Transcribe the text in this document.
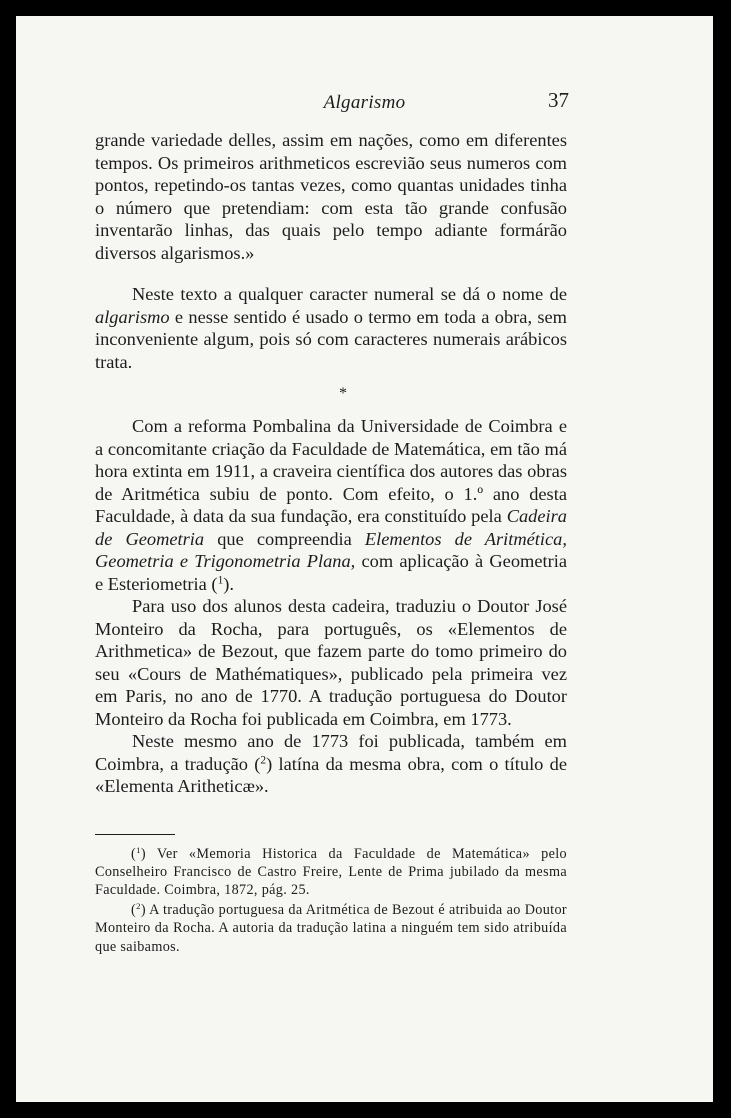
Algarismo	37

grande variedade delles, assim em nações, como em diferentes tempos. Os primeiros arithmeticos escrevião seus numeros com pontos, repetindo-os tantas vezes, como quantas unidades tinha o número que pretendiam: com esta tão grande confusão inventarão linhas, das quais pelo tempo adiante formárão diversos algarismos.»

Neste texto a qualquer caracter numeral se dá o nome de algarismo e nesse sentido é usado o termo em toda a obra, sem inconveniente algum, pois só com caracteres numerais arábicos trata.

*

Com a reforma Pombalina da Universidade de Coimbra e a concomitante criação da Faculdade de Matemática, em tão má hora extinta em 1911, a craveira científica dos autores das obras de Aritmética subiu de ponto. Com efeito, o 1.º ano desta Faculdade, à data da sua fundação, era constituído pela Cadeira de Geometria que compreendia Elementos de Aritmética, Geometria e Trigonometria Plana, com aplicação à Geometria e Esteriometria ($^1$).

Para uso dos alunos desta cadeira, traduziu o Doutor José Monteiro da Rocha, para português, os «Elementos de Arithmetica» de Bezout, que fazem parte do tomo primeiro do seu «Cours de Mathématiques», publicado pela primeira vez em Paris, no ano de 1770. A tradução portuguesa do Doutor Monteiro da Rocha foi publicada em Coimbra, em 1773.

Neste mesmo ano de 1773 foi publicada, também em Coimbra, a tradução ($^2$) latína da mesma obra, com o título de «Elementa Aritheticæ».

($^1$) Ver «Memoria Historica da Faculdade de Matemática» pelo Conselheiro Francisco de Castro Freire, Lente de Prima jubilado da mesma Faculdade. Coimbra, 1872, pág. 25.

($^2$) A tradução portuguesa da Aritmética de Bezout é atribuida ao Doutor Monteiro da Rocha. A autoria da tradução latina a ninguém tem sido atribuída que saibamos.
